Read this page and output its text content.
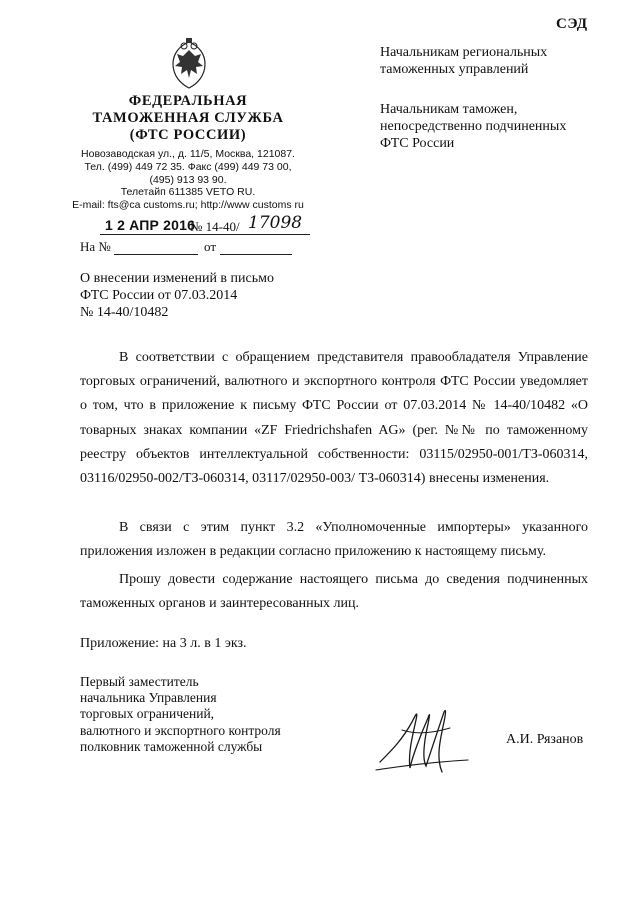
СЭД
ФЕДЕРАЛЬНАЯ
ТАМОЖЕННАЯ СЛУЖБА
(ФТС РОССИИ)
Новозаводская ул., д. 11/5, Москва, 121087.
Тел. (499) 449 72 35. Факс (499) 449 73 00,
(495) 913 93 90.
Телетайп 611385 VETO RU.
E-mail: fts@ca customs.ru; http://www customs ru
1 2 АПР 2016
№ 14-40/ 17098
На №	от
Начальникам региональных
таможенных управлений
Начальникам таможен,
непосредственно подчиненных
ФТС России
О внесении изменений в письмо
ФТС России от 07.03.2014
№ 14-40/10482

В соответствии с обращением представителя правообладателя Управление торговых ограничений, валютного и экспортного контроля ФТС России уведомляет о том, что в приложение к письму ФТС России от 07.03.2014 № 14-40/10482 «О товарных знаках компании «ZF Friedrichshafen AG» (рег. №№ по таможенному реестру объектов интеллектуальной собственности: 03115/02950-001/ТЗ-060314, 03116/02950-002/ТЗ-060314, 03117/02950-003/ ТЗ-060314) внесены изменения.

В связи с этим пункт 3.2 «Уполномоченные импортеры» указанного приложения изложен в редакции согласно приложению к настоящему письму.

Прошу довести содержание настоящего письма до сведения подчиненных таможенных органов и заинтересованных лиц.

Приложение: на 3 л. в 1 экз.
Первый заместитель
начальника Управления
торговых ограничений,
валютного и экспортного контроля
полковник таможенной службы	А.И. Рязанов
